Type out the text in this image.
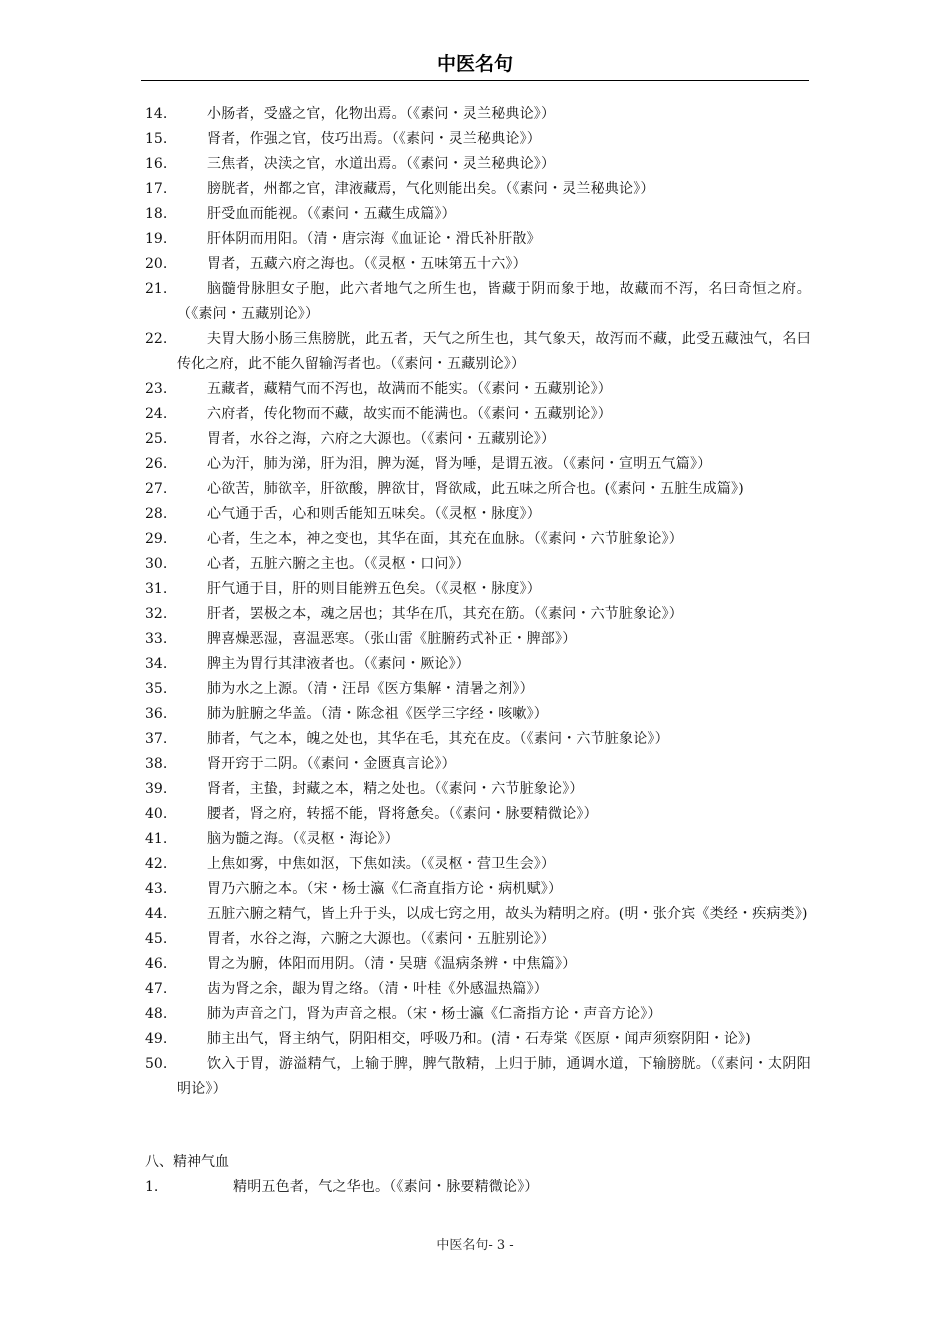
中医名句
14.	小肠者，受盛之官，化物出焉。（《素问・灵兰秘典论》）
15.	肾者，作强之官，伎巧出焉。（《素问・灵兰秘典论》）
16.	三焦者，决渎之官，水道出焉。（《素问・灵兰秘典论》）
17.	膀胱者，州都之官，津液藏焉，气化则能出矣。（《素问・灵兰秘典论》）
18.	肝受血而能视。（《素问・五藏生成篇》）
19.	肝体阴而用阳。（清・唐宗海《血证论・滑氏补肝散》
20.	胃者，五藏六府之海也。（《灵枢・五味第五十六》）
21.	脑髓骨脉胆女子胞，此六者地气之所生也，皆藏于阴而象于地，故藏而不泻，名曰奇恒之府。（《素问・五藏别论》）
22.	夫胃大肠小肠三焦膀胱，此五者，天气之所生也，其气象天，故泻而不藏，此受五藏浊气，名曰传化之府，此不能久留输泻者也。（《素问・五藏别论》）
23.	五藏者，藏精气而不泻也，故满而不能实。（《素问・五藏别论》）
24.	六府者，传化物而不藏，故实而不能满也。（《素问・五藏别论》）
25.	胃者，水谷之海，六府之大源也。（《素问・五藏别论》）
26.	心为汗，肺为涕，肝为泪，脾为涎，肾为唾，是谓五液。（《素问・宣明五气篇》）
27.	心欲苦，肺欲辛，肝欲酸，脾欲甘，肾欲咸，此五味之所合也。(《素问・五脏生成篇》)
28.	心气通于舌，心和则舌能知五味矣。（《灵枢・脉度》）
29.	心者，生之本，神之变也，其华在面，其充在血脉。（《素问・六节脏象论》）
30.	心者，五脏六腑之主也。（《灵枢・口问》）
31.	肝气通于目，肝的则目能辨五色矣。（《灵枢・脉度》）
32.	肝者，罢极之本，魂之居也；其华在爪，其充在筋。（《素问・六节脏象论》）
33.	脾喜燥恶湿，喜温恶寒。（张山雷《脏腑药式补正・脾部》）
34.	脾主为胃行其津液者也。（《素问・厥论》）
35.	肺为水之上源。（清・汪昂《医方集解・清暑之剂》）
36.	肺为脏腑之华盖。（清・陈念祖《医学三字经・咳嗽》）
37.	肺者，气之本，魄之处也，其华在毛，其充在皮。（《素问・六节脏象论》）
38.	肾开窍于二阴。（《素问・金匮真言论》）
39.	肾者，主蛰，封藏之本，精之处也。（《素问・六节脏象论》）
40.	腰者，肾之府，转摇不能，肾将惫矣。（《素问・脉要精微论》）
41.	脑为髓之海。（《灵枢・海论》）
42.	上焦如雾，中焦如沤，下焦如渎。（《灵枢・营卫生会》）
43.	胃乃六腑之本。（宋・杨士瀛《仁斋直指方论・病机赋》）
44.	五脏六腑之精气，皆上升于头，以成七窍之用，故头为精明之府。(明・张介宾《类经・疾病类》)
45.	胃者，水谷之海，六腑之大源也。（《素问・五脏别论》）
46.	胃之为腑，体阳而用阴。（清・吴瑭《温病条辨・中焦篇》）
47.	齿为肾之余，龈为胃之络。（清・叶桂《外感温热篇》）
48.	肺为声音之门，肾为声音之根。（宋・杨士瀛《仁斋指方论・声音方论》）
49.	肺主出气，肾主纳气，阴阳相交，呼吸乃和。(清・石寿棠《医原・闻声须察阴阳・论》)
50.	饮入于胃，游溢精气，上输于脾，脾气散精，上归于肺，通调水道，下输膀胱。（《素问・太阴阳明论》）
八、精神气血
1.	精明五色者，气之华也。（《素问・脉要精微论》）
中医名句- 3 -
